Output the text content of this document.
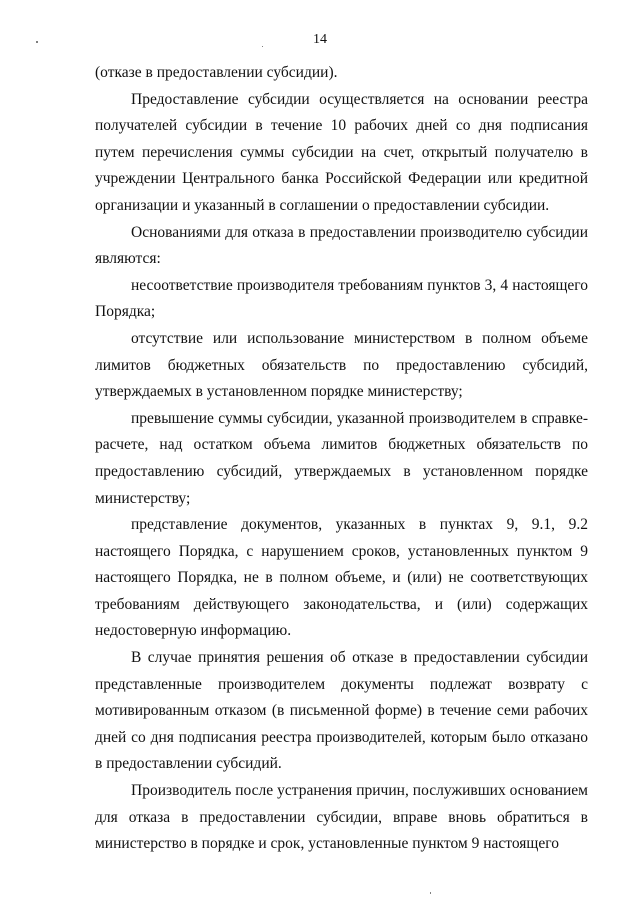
14

(отказе в предоставлении субсидии).

Предоставление субсидии осуществляется на основании реестра получателей субсидии в течение 10 рабочих дней со дня подписания путем перечисления суммы субсидии на счет, открытый получателю в учреждении Центрального банка Российской Федерации или кредитной организации и указанный в соглашении о предоставлении субсидии.

Основаниями для отказа в предоставлении производителю субсидии являются:

несоответствие производителя требованиям пунктов 3, 4 настоящего Порядка;

отсутствие или использование министерством в полном объеме лимитов бюджетных обязательств по предоставлению субсидий, утверждаемых в установленном порядке министерству;

превышение суммы субсидии, указанной производителем в справке-расчете, над остатком объема лимитов бюджетных обязательств по предоставлению субсидий, утверждаемых в установленном порядке министерству;

представление документов, указанных в пунктах 9, 9.1, 9.2 настоящего Порядка, с нарушением сроков, установленных пунктом 9 настоящего Порядка, не в полном объеме, и (или) не соответствующих требованиям действующего законодательства, и (или) содержащих недостоверную информацию.

В случае принятия решения об отказе в предоставлении субсидии представленные производителем документы подлежат возврату с мотивированным отказом (в письменной форме) в течение семи рабочих дней со дня подписания реестра производителей, которым было отказано в предоставлении субсидий.

Производитель после устранения причин, послуживших основанием для отказа в предоставлении субсидии, вправе вновь обратиться в министерство в порядке и срок, установленные пунктом 9 настоящего
